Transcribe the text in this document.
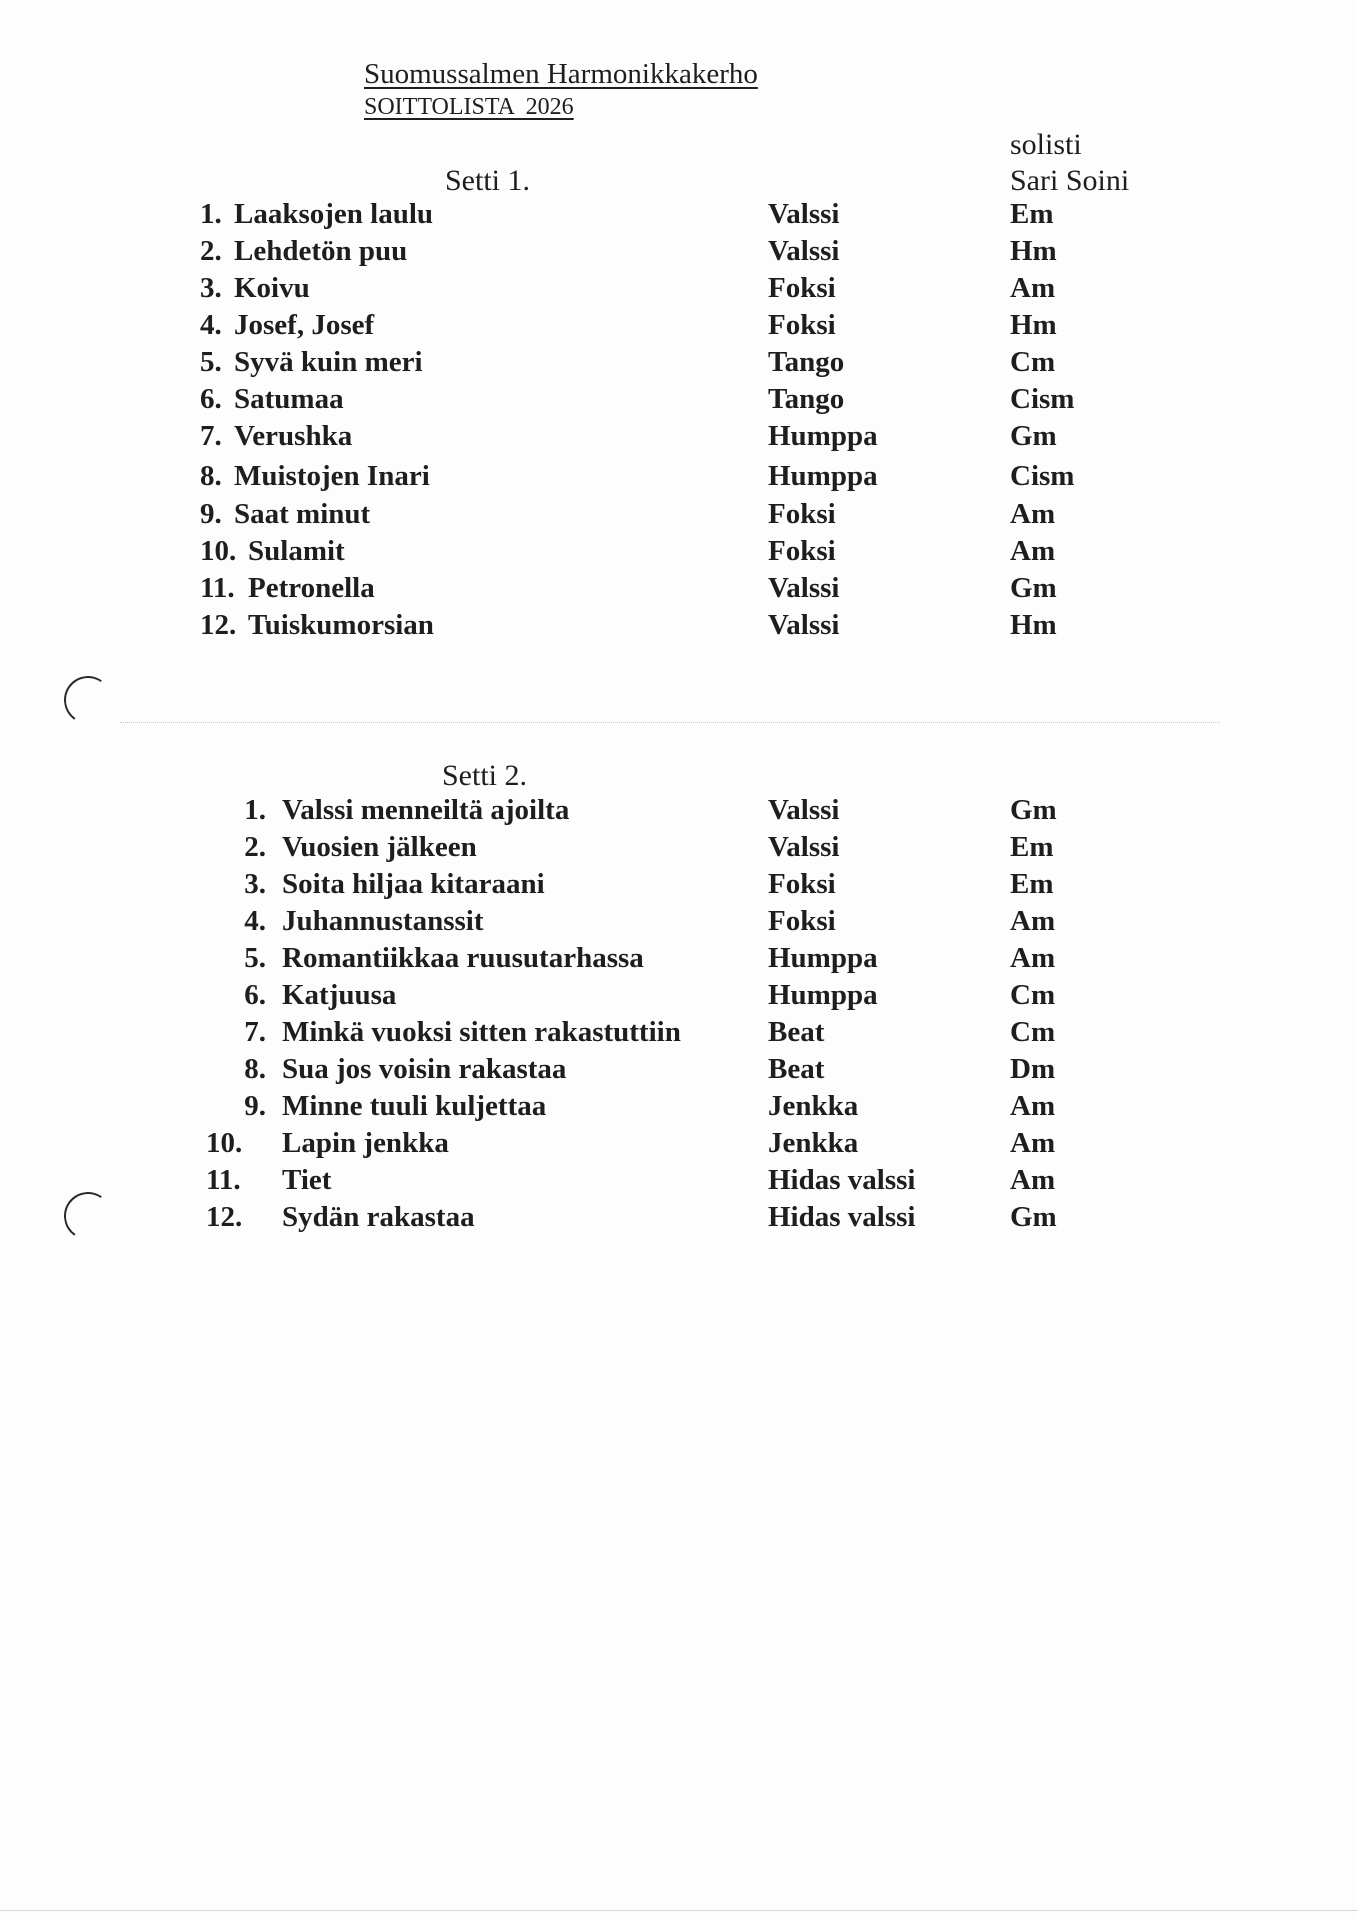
Suomussalmen Harmonikkakerho
SOITTOLISTA  2026
solisti
Sari Soini
Setti 1.
1. Laaksojen laulu	Valssi	Em
2. Lehdetön puu	Valssi	Hm
3. Koivu	Foksi	Am
4. Josef, Josef	Foksi	Hm
5. Syvä kuin meri	Tango	Cm
6. Satumaa	Tango	Cism
7. Verushka	Humppa	Gm
8. Muistojen Inari	Humppa	Cism
9. Saat minut	Foksi	Am
10. Sulamit	Foksi	Am
11. Petronella	Valssi	Gm
12. Tuiskumorsian	Valssi	Hm
Setti 2.
1. Valssi menneiltä ajoilta	Valssi	Gm
2. Vuosien jälkeen	Valssi	Em
3. Soita hiljaa kitaraani	Foksi	Em
4. Juhannustanssit	Foksi	Am
5. Romantiikkaa ruusutarhassa	Humppa	Am
6. Katjuusa	Humppa	Cm
7. Minkä vuoksi sitten rakastuttiin	Beat	Cm
8. Sua jos voisin rakastaa	Beat	Dm
9. Minne tuuli kuljettaa	Jenkka	Am
10.	Lapin jenkka	Jenkka	Am
11.	Tiet	Hidas valssi	Am
12.	Sydän rakastaa	Hidas valssi	Gm
